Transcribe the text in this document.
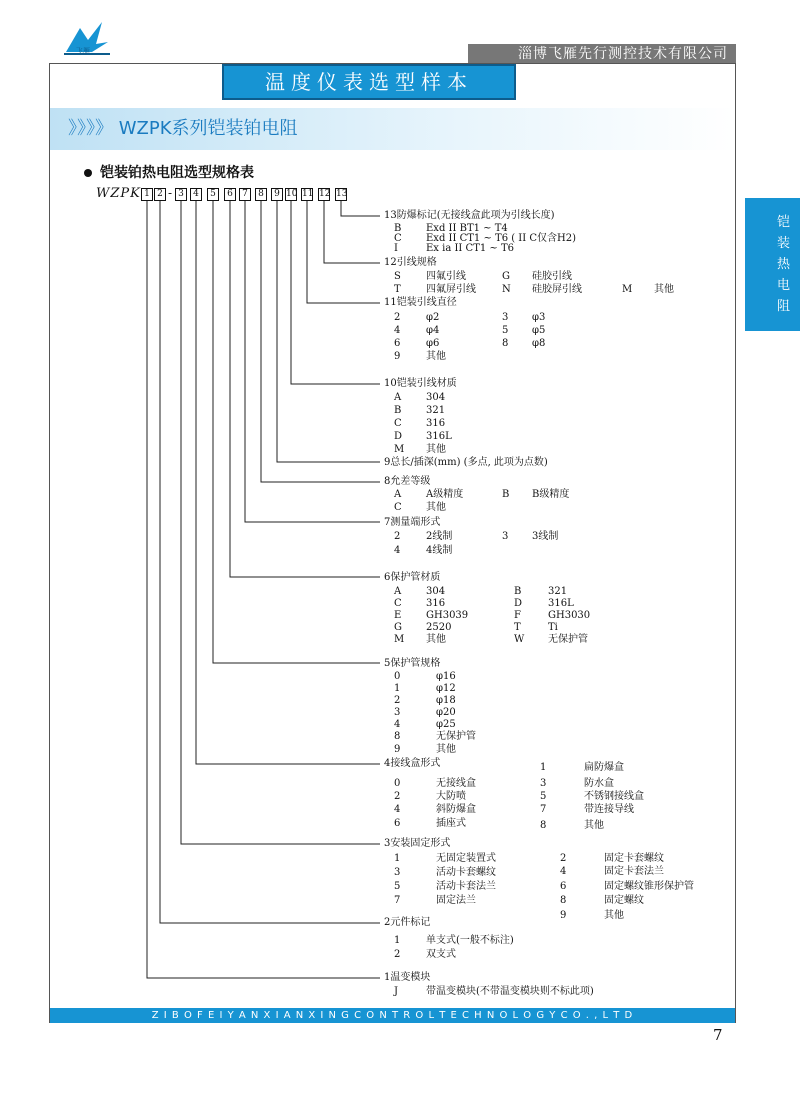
飞雁	淄博飞雁先行测控技术有限公司
温度仪表选型样本
》》》》 WZPK系列铠装铂电阻
铠
装
热
电
阻
铠装铂热电阻选型规格表
WZPK 1 2 - 3	4	5	6	7	8	9 10 11 12 13
13防爆标记(无接线盒此项为引线长度)
B Exd II BT1 ~ T4
C Exd II CT1 ~ T6 ( II C仅含H2)
I	Ex ia II CT1 ~ T6
12引线规格
S	四氟引线	G 硅胶引线
T	四氟屏引线	N 硅胶屏引线	M 其他
11铠装引线直径
2	φ2	3 φ3
4	φ4	5 φ5
6	φ6	8 φ8
9	其他
10铠装引线材质
A 304
B 321
C 316
D 316L
M 其他
9总长/插深(mm) (多点, 此项为点数)
8允差等级
A A级精度	B B级精度
C 其他
7测量端形式
2	2线制	3 3线制
4	4线制
6保护管材质
A 304	B	321
C 316	D	316L
E GH3039	F	GH3030
G 2520	T	Ti
M 其他	W 无保护管
5保护管规格
0	φ16
1	φ12
2	φ18
3	φ20
4	φ25
8	无保护管
9	其他
4接线盒形式	1	扁防爆盒
0	无接线盒	3	防水盒
2	大防喷	5	不锈钢接线盒
4	斜防爆盒	7	带连接导线
6	插座式	8	其他
3安装固定形式
1	无固定装置式	2	固定卡套螺纹
3	活动卡套螺纹	4	固定卡套法兰
5	活动卡套法兰	6	固定螺纹锥形保护管
7	固定法兰	8	固定螺纹
9	其他
2元件标记
1	单支式(一般不标注)
2	双支式
1温变模块
J	带温变模块(不带温变模块则不标此项)
Z I B O F E I Y A N X I A N X I N G C O N T R O L T E C H N O L O G Y C O . , L T D
7
